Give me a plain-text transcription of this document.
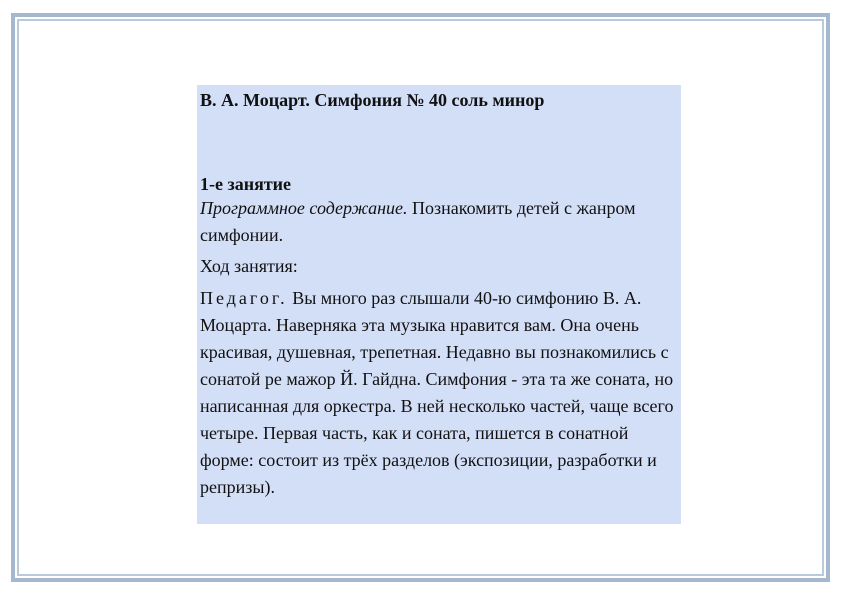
В. А. Моцарт. Симфония № 40 соль минор

1-е занятие

Программное содержание. Познакомить детей с жанром симфонии.

Ход занятия:

Педагог. Вы много раз слышали 40-ю симфонию В. А. Моцарта. Наверняка эта музыка нравится вам. Она очень красивая, душевная, трепетная. Недавно вы познакомились с сонатой ре мажор Й. Гайдна. Симфония - эта та же соната, но написанная для оркестра. В ней несколько частей, чаще всего четыре. Первая часть, как и соната, пишется в сонатной форме: состоит из трёх разделов (экспозиции, разработки и репризы).
